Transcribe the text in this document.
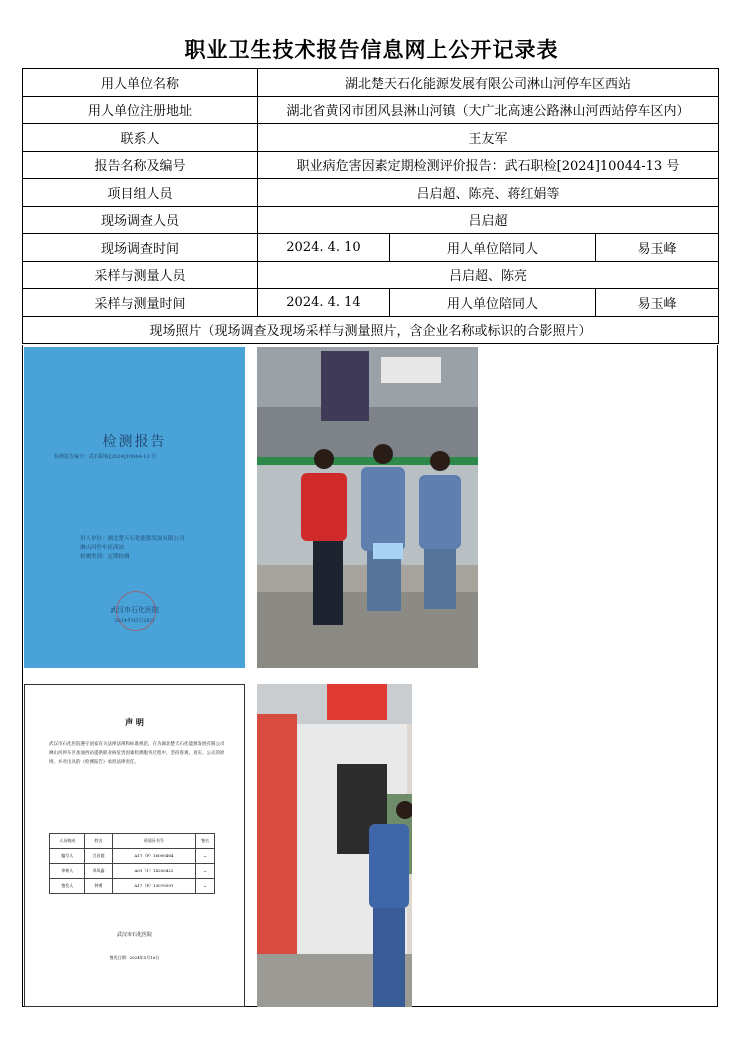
职业卫生技术报告信息网上公开记录表
用人单位名称	湖北楚天石化能源发展有限公司淋山河停车区西站		
用人单位注册地址	湖北省黄冈市团风县淋山河镇（大广北高速公路淋山河西站停车区内）		
联系人	王友军		
报告名称及编号	职业病危害因素定期检测评价报告：武石职检[2024]10044-13 号		
项目组人员	吕启超、陈亮、蒋红娟等		
现场调查人员	吕启超		
现场调查时间	2024. 4. 10	用人单位陪同人	易玉峰
采样与测量人员	吕启超、陈亮		
采样与测量时间	2024. 4. 14	用人单位陪同人	易玉峰
现场照片（现场调查及现场采样与测量照片，含企业名称或标识的合影照片）			
检测报告
检测报告编号：武石职检[2024]10044-13 号
用人单位：湖北楚天石化能源发展有限公司
淋山河停车区西站
检测类别：定期检测
武汉市石化医院
2024年05月16日
声 明
武汉市石化医院遵守国家有关法律法规和标准规范，在为湖北楚天石化能源发展有限公司淋山河停车区加油西站提供职业病危害因素检测服务过程中，坚持客观、真实、公正的原则，并对出具的《检测报告》承担法律责任。
人员构成	姓名	资质证书号	签名
编写人	吕启超	A17（P）16000464	~
审核人	邓凤鑫	A01（1）14200422	~
签发人	钟勇	A17（P）13070591	~
武汉市石化医院
签发日期：2024年5月16日
